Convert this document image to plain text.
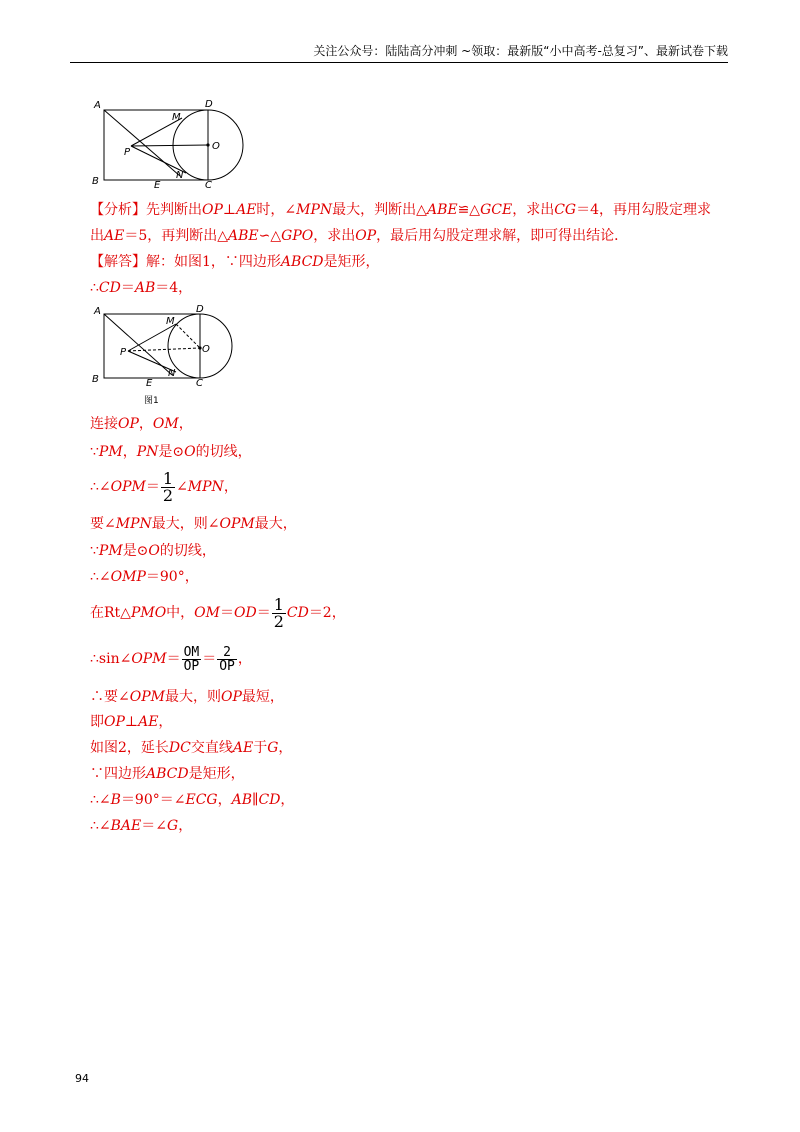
关注公众号：陆陆高分冲刺 ~领取：最新版“小中高考-总复习”、最新试卷下载
A	D
M
P
O
B	E
N
C
【分析】先判断出OP⊥AE时，∠MPN最大，判断出△ABE≌△GCE，求出CG＝4，再用勾股定理求
出AE＝5，再判断出△ABE∽△GPO，求出OP，最后用勾股定理求解，即可得出结论．
【解答】解：如图1，∵四边形ABCD是矩形，
∴CD＝AB＝4，
A	D
M
P	O
B	E
N
C
图1
连接OP，OM，
∵PM，PN是⊙O的切线，
∴∠OPM＝ $\frac{1}{2}$ ∠MPN，
要∠MPN最大，则∠OPM最大，
∵PM是⊙O的切线，
∴∠OMP＝90°，
在Rt△PMO中，$OM=OD= \frac{1}{2} CD=2$，
∴sin∠OPM＝ $\frac{OM}{OP} = \frac{2}{OP}$ ，
∴要∠OPM最大，则OP最短，
即OP⊥AE，
如图2，延长DC交直线AE于G，
∵四边形ABCD是矩形，
∴∠B＝90°＝∠ECG，AB∥CD，
∴∠BAE＝∠G，
94
